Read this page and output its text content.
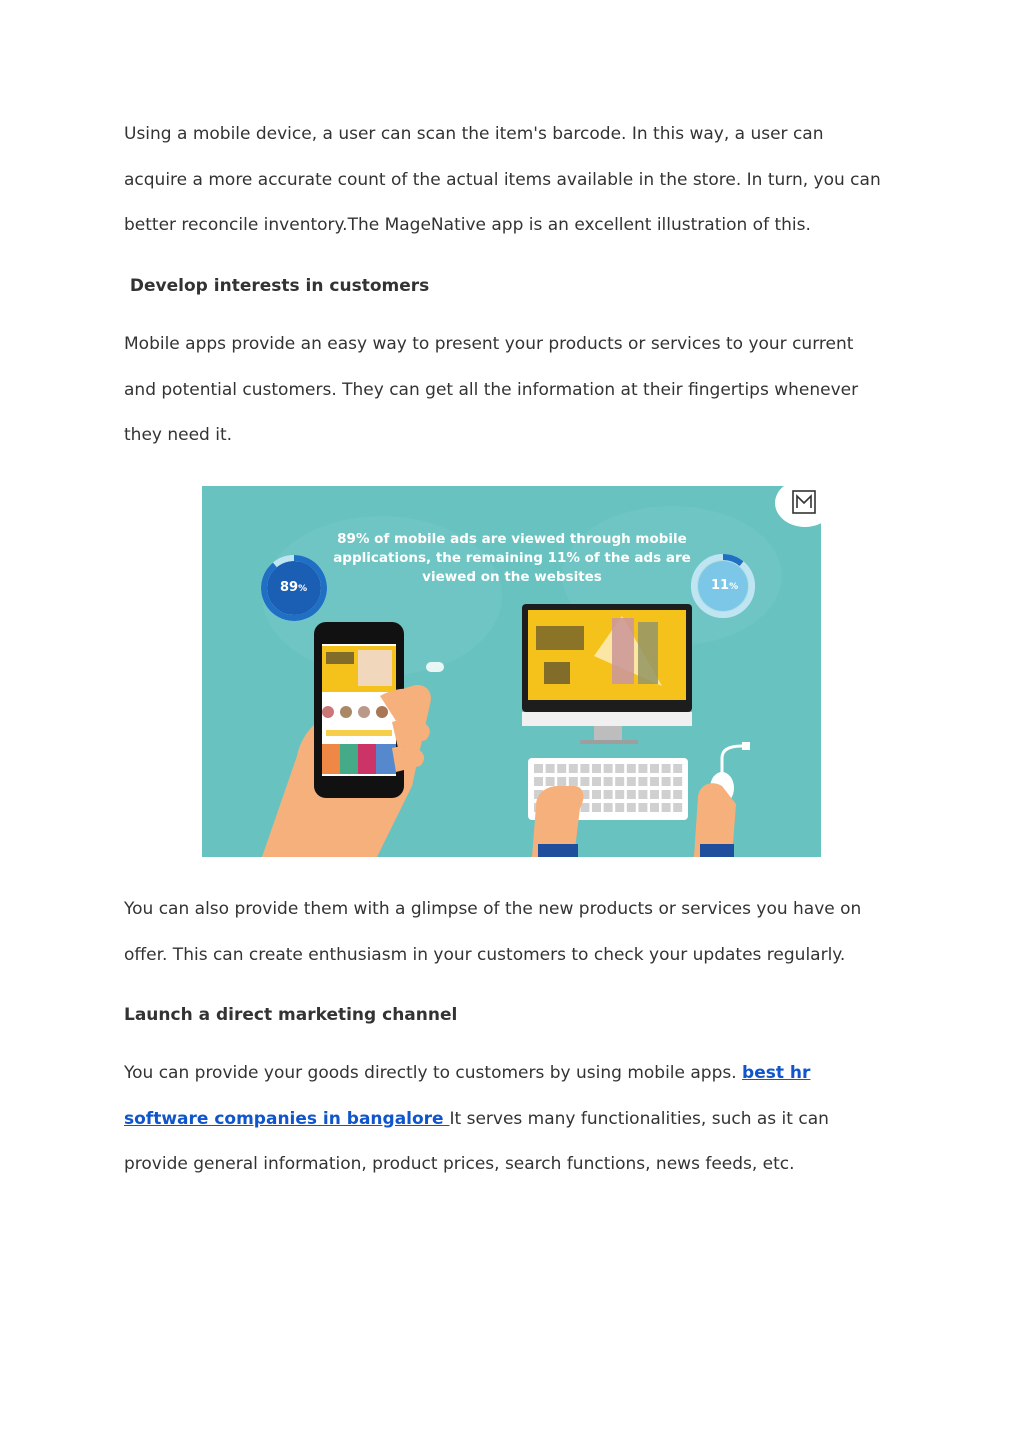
Using a mobile device, a user can scan the item's barcode. In this way, a user can
acquire a more accurate count of the actual items available in the store. In turn, you can
better reconcile inventory.The MageNative app is an excellent illustration of this.

Develop interests in customers

Mobile apps provide an easy way to present your products or services to your current
and potential customers. They can get all the information at their fingertips whenever
they need it.

89% of mobile ads are viewed through mobile
applications, the remaining 11% of the ads are
viewed on the websites
89%	11%

You can also provide them with a glimpse of the new products or services you have on
offer. This can create enthusiasm in your customers to check your updates regularly.

Launch a direct marketing channel

You can provide your goods directly to customers by using mobile apps. best hr
software companies in bangalore It serves many functionalities, such as it can
provide general information, product prices, search functions, news feeds, etc.
